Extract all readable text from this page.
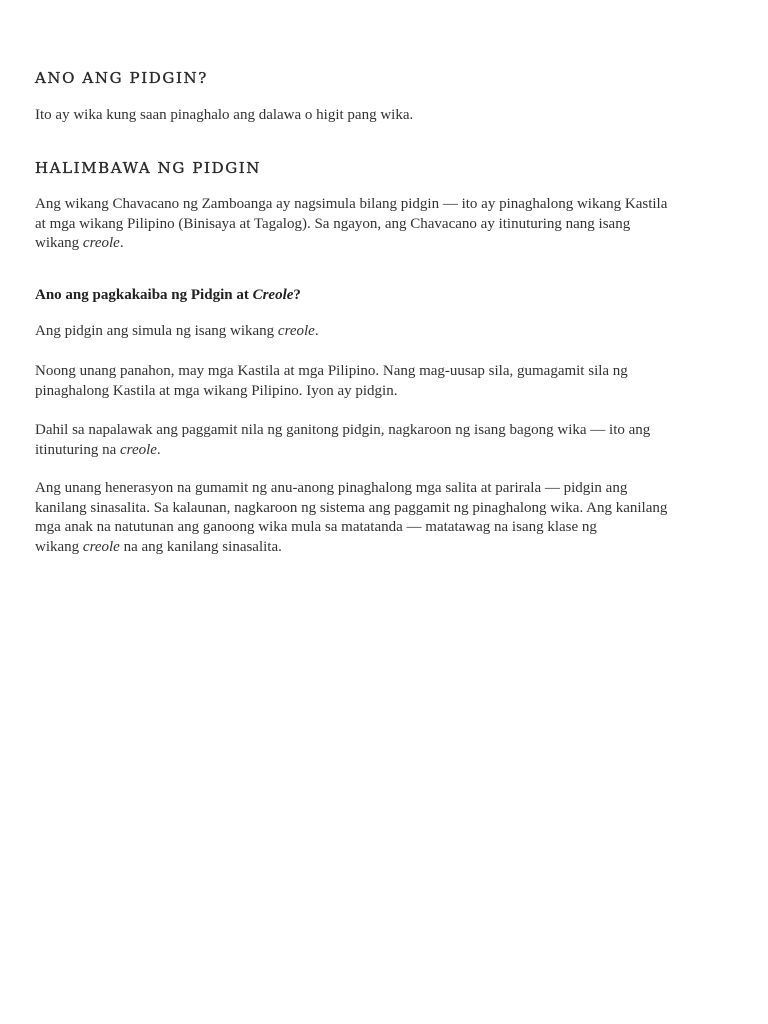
ANO ANG PIDGIN?

Ito ay wika kung saan pinaghalo ang dalawa o higit pang wika.

HALIMBAWA NG PIDGIN

Ang wikang Chavacano ng Zamboanga ay nagsimula bilang pidgin — ito ay pinaghalong wikang Kastila
at mga wikang Pilipino (Binisaya at Tagalog). Sa ngayon, ang Chavacano ay itinuturing nang isang
wikang creole.

Ano ang pagkakaiba ng Pidgin at Creole?

Ang pidgin ang simula ng isang wikang creole.

Noong unang panahon, may mga Kastila at mga Pilipino. Nang mag-uusap sila, gumagamit sila ng
pinaghalong Kastila at mga wikang Pilipino. Iyon ay pidgin.

Dahil sa napalawak ang paggamit nila ng ganitong pidgin, nagkaroon ng isang bagong wika — ito ang
itinuturing na creole.

Ang unang henerasyon na gumamit ng anu-anong pinaghalong mga salita at parirala — pidgin ang
kanilang sinasalita. Sa kalaunan, nagkaroon ng sistema ang paggamit ng pinaghalong wika. Ang kanilang
mga anak na natutunan ang ganoong wika mula sa matatanda — matatawag na isang klase ng
wikang creole na ang kanilang sinasalita.
